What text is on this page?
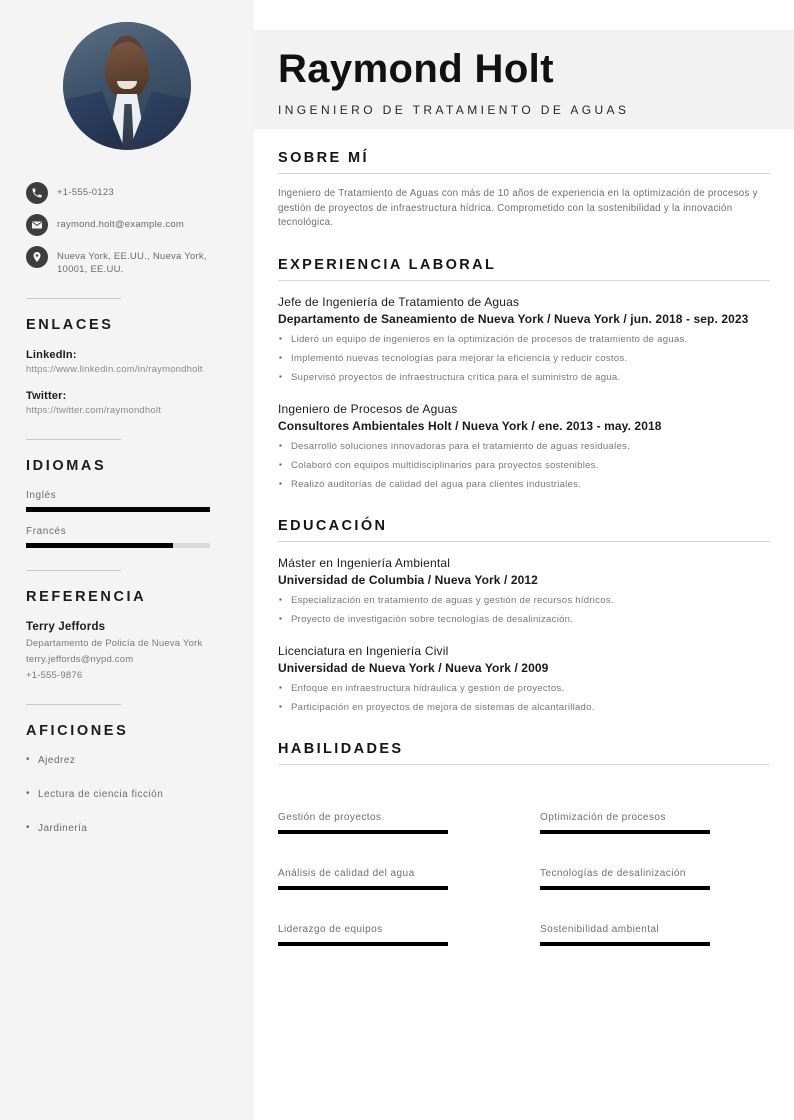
+1-555-0123
raymond.holt@example.com
Nueva York, EE.UU., Nueva York, 10001, EE.UU.
ENLACES
LinkedIn:
https://www.linkedin.com/in/raymondholt
Twitter:
https://twitter.com/raymondholt
IDIOMAS
Inglés
Francés
REFERENCIA
Terry Jeffords
Departamento de Policía de Nueva York
terry.jeffords@nypd.com
+1-555-9876
AFICIONES
• Ajedrez
• Lectura de ciencia ficción
• Jardinería
Raymond Holt
INGENIERO DE TRATAMIENTO DE AGUAS
SOBRE MÍ

Ingeniero de Tratamiento de Aguas con más de 10 años de experiencia en la optimización de procesos y gestión de proyectos de infraestructura hídrica. Comprometido con la sostenibilidad y la innovación tecnológica.

EXPERIENCIA LABORAL
Jefe de Ingeniería de Tratamiento de Aguas
Departamento de Saneamiento de Nueva York / Nueva York / jun. 2018 - sep. 2023
▪ Lideró un equipo de ingenieros en la optimización de procesos de tratamiento de aguas.
▪ Implementó nuevas tecnologías para mejorar la eficiencia y reducir costos.
▪ Supervisó proyectos de infraestructura crítica para el suministro de agua.
Ingeniero de Procesos de Aguas
Consultores Ambientales Holt / Nueva York / ene. 2013 - may. 2018
▪ Desarrolló soluciones innovadoras para el tratamiento de aguas residuales.
▪ Colaboró con equipos multidisciplinarios para proyectos sostenibles.
▪ Realizó auditorías de calidad del agua para clientes industriales.
EDUCACIÓN
Máster en Ingeniería Ambiental
Universidad de Columbia / Nueva York / 2012
▪ Especialización en tratamiento de aguas y gestión de recursos hídricos.
▪ Proyecto de investigación sobre tecnologías de desalinización.
Licenciatura en Ingeniería Civil
Universidad de Nueva York / Nueva York / 2009
▪ Enfoque en infraestructura hidráulica y gestión de proyectos.
▪ Participación en proyectos de mejora de sistemas de alcantarillado.
HABILIDADES
Gestión de proyectos	Optimización de procesos
Análisis de calidad del agua	Tecnologías de desalinización
Liderazgo de equipos	Sostenibilidad ambiental
